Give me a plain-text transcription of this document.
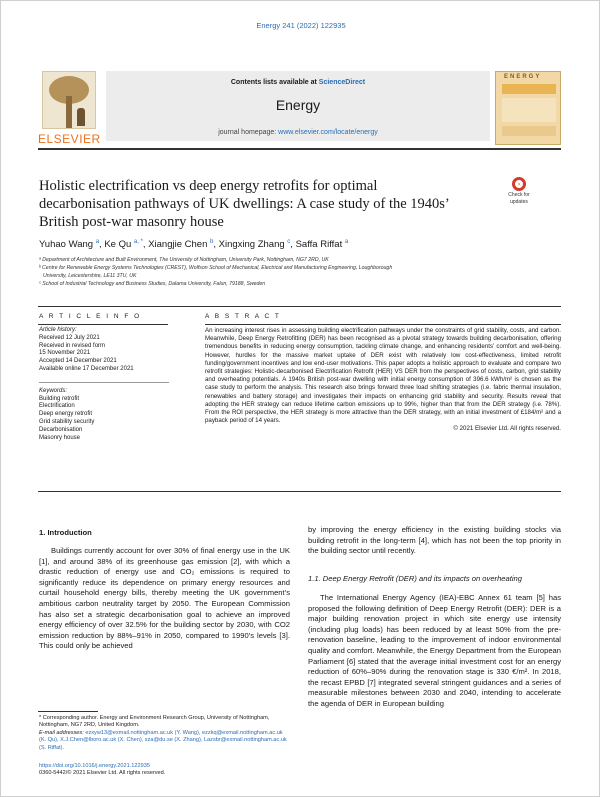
Energy 241 (2022) 122935
ELSEVIER
Contents lists available at ScienceDirect
Energy
journal homepage: www.elsevier.com/locate/energy
ENERGY
Holistic electrification vs deep energy retrofits for optimal
decarbonisation pathways of UK dwellings: A case study of the 1940s’
British post-war masonry house
Check for
updates
Yuhao Wang $^a$, Ke Qu $^{a, *}$, Xiangjie Chen $^b$, Xingxing Zhang $^c$, Saffa Riffat $^a$
ᵃ Department of Architecture and Built Environment, The University of Nottingham, University Park, Nottingham, NG7 2RD, UK
ᵇ Centre for Renewable Energy Systems Technologies (CREST), Wolfson School of Mechanical, Electrical and Manufacturing Engineering, Loughborough
University, Leicestershire, LE11 3TU, UK
ᶜ School of Industrial Technology and Business Studies, Dalarna University, Falun, 79188, Sweden
A R T I C L E I N F O	A B S T R A C T
Article history:
Received 12 July 2021
Received in revised form
15 November 2021
Accepted 14 December 2021
Available online 17 December 2021
Keywords:
Building retrofit
Electrification
Deep energy retrofit
Grid stability security
Decarbonisation
Masonry house

An increasing interest rises in assessing building electrification pathways under the constraints of grid stability, costs, and carbon. Meanwhile, Deep Energy Retrofitting (DER) has been recognised as a pivotal strategy towards building decarbonisation, offering tremendous benefits in reducing energy consumption, tackling climate change, and enhancing residents’ comfort and well-being. However, hurdles for the massive market uptake of DER exist with relatively low cost-effectiveness, limited retrofit funding/government incentives and low end-user motivations. This paper adopts a holistic approach to evaluate and compare two retrofit strategies: Holistic-decarbonised Electrification Retrofit (HER) VS DER from the perspectives of costs, carbon, grid stability and overheating potentials. A 1940s British post-war dwelling with initial energy consumption of 396.6 kWh/m² is chosen as the case study to perform the analysis. This research also brings forward three load shifting strategies (i.e. fabric thermal insulation, renewables and battery storage) and investigates their impacts on enhancing grid stability and security. Results reveal that adopting the HER strategy can reduce lifetime carbon emissions up to 99%, higher than that from the DER strategy (i.e. 78%). From the ROI perspective, the HER strategy is more attractive than the DER strategy, with an initial investment of £184/m² and a payback period of 14 years.

© 2021 Elsevier Ltd. All rights reserved.
1. Introduction

Buildings currently account for over 30% of final energy use in the UK [1], and around 38% of its greenhouse gas emission [2], with which a drastic reduction of energy use and CO₂ emissions is required to significantly reduce its dependence on primary energy resources and curtail household energy bills, thereby meeting the UK government’s ambitious carbon neutrality target by 2050. The European Commission has also set a strategic decarbonisation goal to achieve an improved energy efficiency of over 32.5% for the building sector by 2030, with CO2 emission reduction by 88%–91% in 2050, compared to 1990’s levels [3]. This could only be achieved

by improving the energy efficiency in the existing building stocks via building retrofit in the long-term [4], which has not been the top priority in the building sector until recently.

1.1. Deep Energy Retrofit (DER) and its impacts on overheating

The International Energy Agency (IEA)-EBC Annex 61 team [5] has proposed the following definition of Deep Energy Retrofit (DER): DER is a major building renovation project in which site energy use intensity (including plug loads) has been reduced by at least 50% from the pre-renovation baseline, leading to the improvement of indoor environmental quality and comfort. Meanwhile, the Energy Department from the European Parliament [6] stated that the average initial investment cost for an energy reduction of 60%–90% during the renovation stage is 330 €/m². In 2018, the recast EPBD [7] integrated several stringent guidances and a series of measurable milestones between 2030 and 2040, intending to accelerate the agenda of DER in European building

* Corresponding author. Energy and Environment Research Group, University of Nottingham, Nottingham, NG7 2RD, United Kingdom.
E-mail addresses: ezxyw13@exmail.nottingham.ac.uk (Y. Wang), ezzkq@exmail.nottingham.ac.uk (K. Qu), X.J.Chen@lboro.ac.uk (X. Chen), xza@du.se (X. Zhang), Lazsbr@exmail.nottingham.ac.uk (S. Riffat).
https://doi.org/10.1016/j.energy.2021.122935
0360-5442/© 2021 Elsevier Ltd. All rights reserved.
